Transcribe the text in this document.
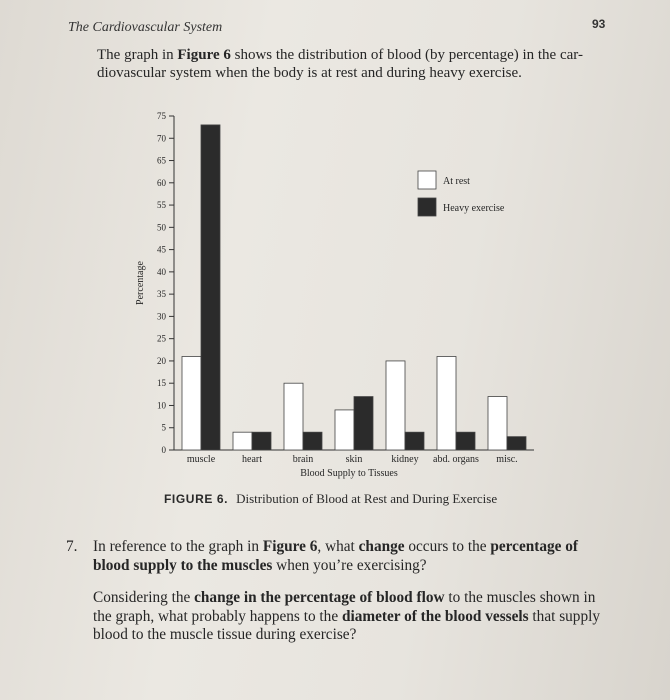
The Cardiovascular System	93
The graph in Figure 6 shows the distribution of blood (by percentage) in the car-diovascular system when the body is at rest and during heavy exercise.
0
5
10
15
20
25
30
35
40
45
50
55
60
65
70
75
Percentage
muscle	heart	brain	skin	kidney abd. organs misc.
Blood Supply to Tissues
At rest
Heavy exercise
FIGURE 6. Distribution of Blood at Rest and During Exercise
7. In reference to the graph in Figure 6, what change occurs to the percentage of blood supply to the muscles when you’re exercising?

Considering the change in the percentage of blood flow to the muscles shown in the graph, what probably happens to the diameter of the blood vessels that supply blood to the muscle tissue during exercise?
